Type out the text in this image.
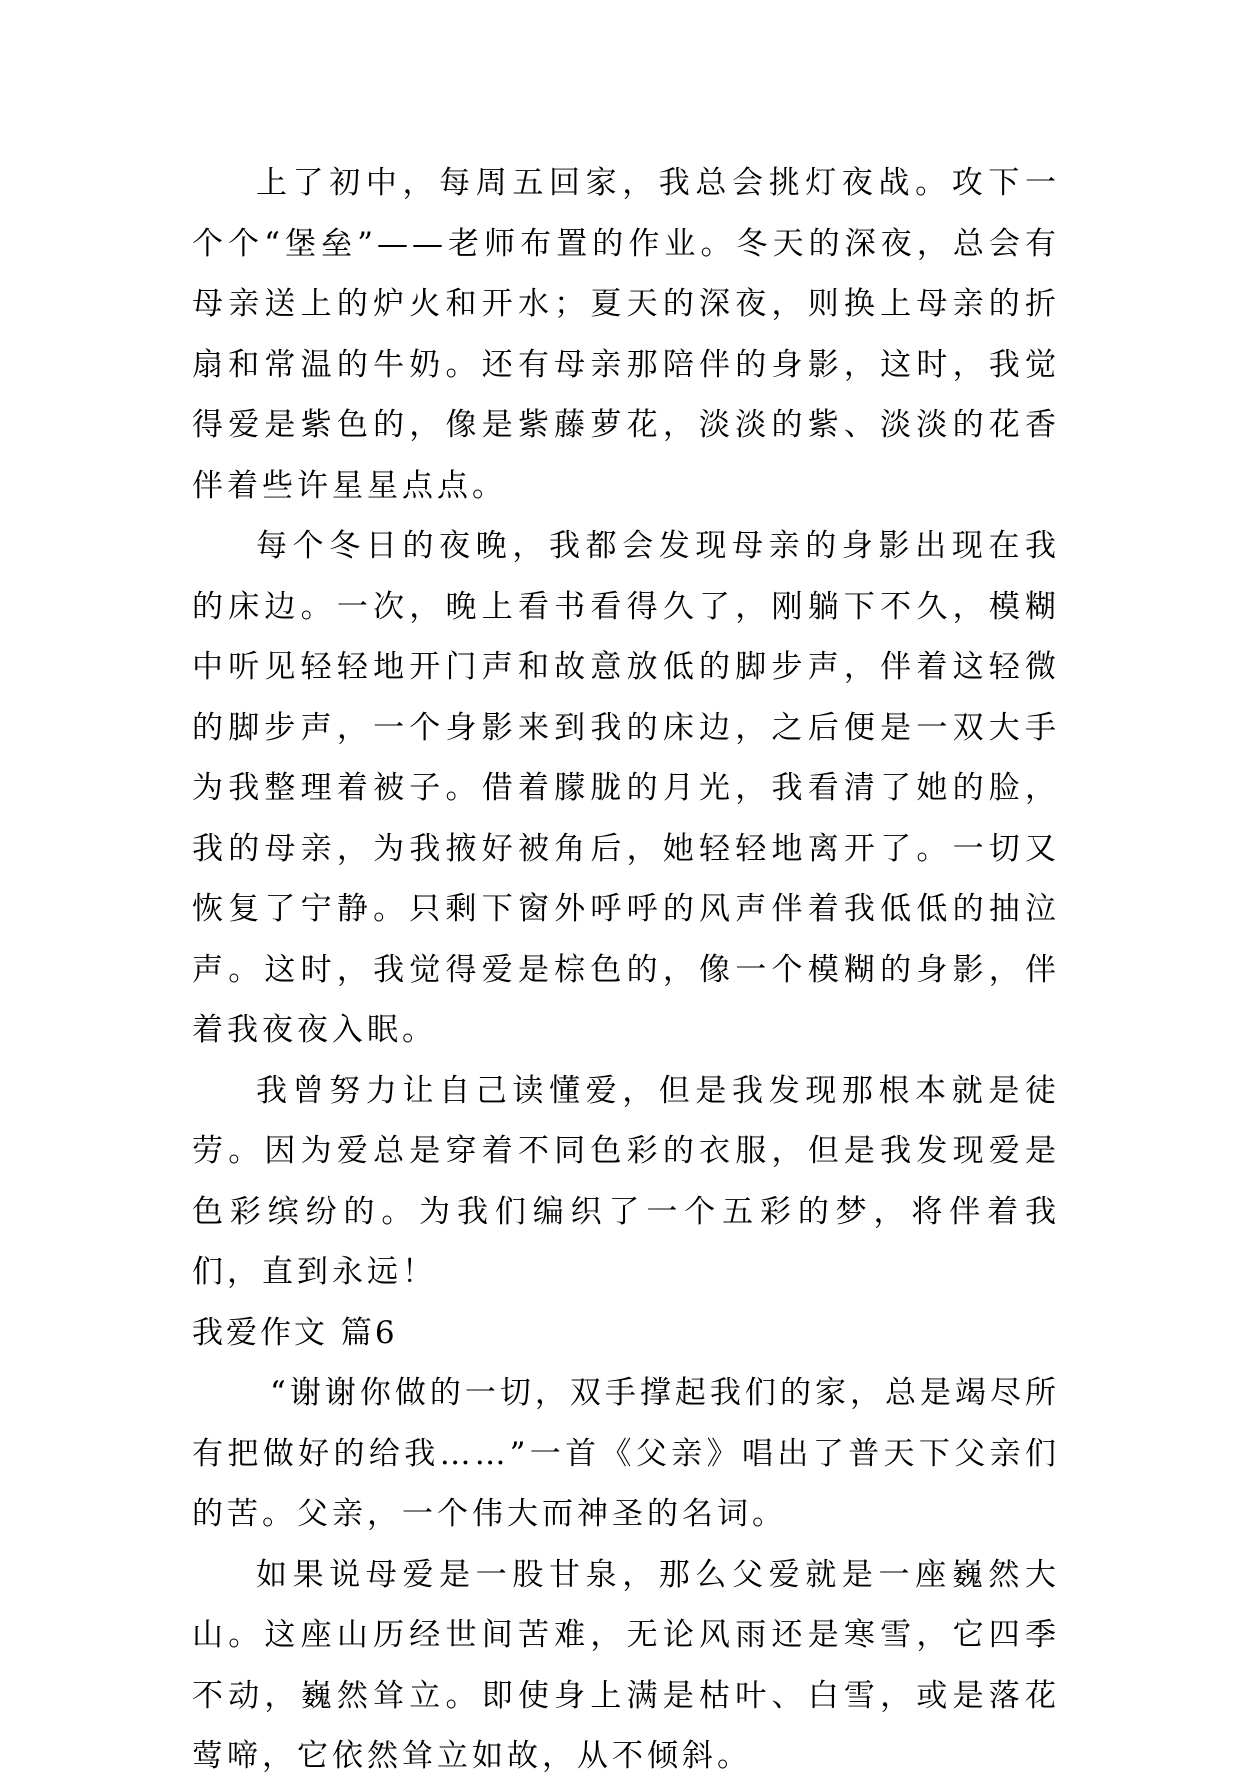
上了初中，每周五回家，我总会挑灯夜战。攻下一个个“堡垒”——老师布置的作业。冬天的深夜，总会有母亲送上的炉火和开水；夏天的深夜，则换上母亲的折扇和常温的牛奶。还有母亲那陪伴的身影，这时，我觉得爱是紫色的，像是紫藤萝花，淡淡的紫、淡淡的花香伴着些许星星点点。

每个冬日的夜晚，我都会发现母亲的身影出现在我的床边。一次，晚上看书看得久了，刚躺下不久，模糊中听见轻轻地开门声和故意放低的脚步声，伴着这轻微的脚步声，一个身影来到我的床边，之后便是一双大手为我整理着被子。借着朦胧的月光，我看清了她的脸，我的母亲，为我掖好被角后，她轻轻地离开了。一切又恢复了宁静。只剩下窗外呼呼的风声伴着我低低的抽泣声。这时，我觉得爱是棕色的，像一个模糊的身影，伴着我夜夜入眠。

我曾努力让自己读懂爱，但是我发现那根本就是徒劳。因为爱总是穿着不同色彩的衣服，但是我发现爱是色彩缤纷的。为我们编织了一个五彩的梦，将伴着我们，直到永远！

我爱作文 篇6

“谢谢你做的一切，双手撑起我们的家，总是竭尽所有把做好的给我……”一首《父亲》唱出了普天下父亲们的苦。父亲，一个伟大而神圣的名词。

如果说母爱是一股甘泉，那么父爱就是一座巍然大山。这座山历经世间苦难，无论风雨还是寒雪，它四季不动，巍然耸立。即使身上满是枯叶、白雪，或是落花莺啼，它依然耸立如故，从不倾斜。
